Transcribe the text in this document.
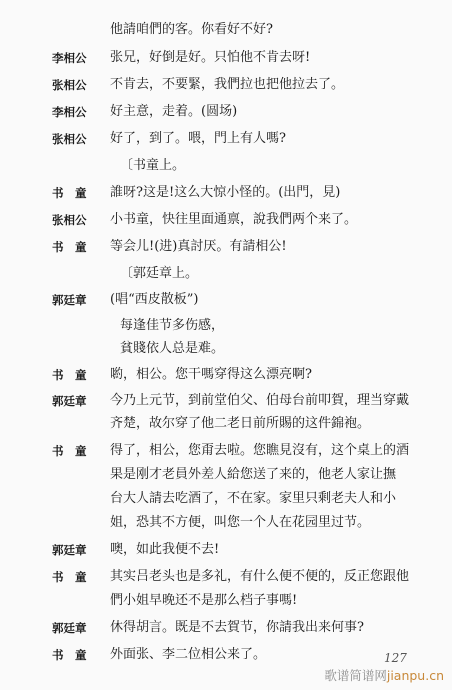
他請咱們的客。你看好不好?
李相公 张兄，好倒是好。只怕他不肯去呀!
张相公 不肯去，不要緊，我們拉也把他拉去了。
李相公 好主意，走着。(圆场)
张相公 好了，到了。喂，門上有人嗎?
〔书童上。
书　童 誰呀?这是!这么大惊小怪的。(出門，見)
张相公 小书童，快往里面通禀，說我們两个来了。
书　童 等会儿!(进)真討厌。有請相公!
〔郭廷章上。
郭廷章 (唱“西皮散板”)
每逢佳节多伤感，
貧賤依人总是难。
书　童 喲，相公。您干嗎穿得这么漂亮啊?
郭廷章 今乃上元节，到前堂伯父、伯母台前叩賀，理当穿戴
齐楚，故尔穿了他二老日前所賜的这件錦袍。
书　童 得了，相公，您甭去啦。您瞧見沒有，这个桌上的酒
果是刚才老員外差人給您送了来的，他老人家让撫
台大人請去吃酒了，不在家。家里只剩老夫人和小
姐，恐其不方便，叫您一个人在花园里过节。
郭廷章 噢，如此我便不去!
书　童 其实吕老头也是多礼，有什么便不便的，反正您跟他
們小姐早晚还不是那么档子事嗎!
郭廷章 休得胡言。既是不去賀节，你請我出来何事?
书　童 外面张、李二位相公来了。	127
歌谱简谱网jianpu.cn
